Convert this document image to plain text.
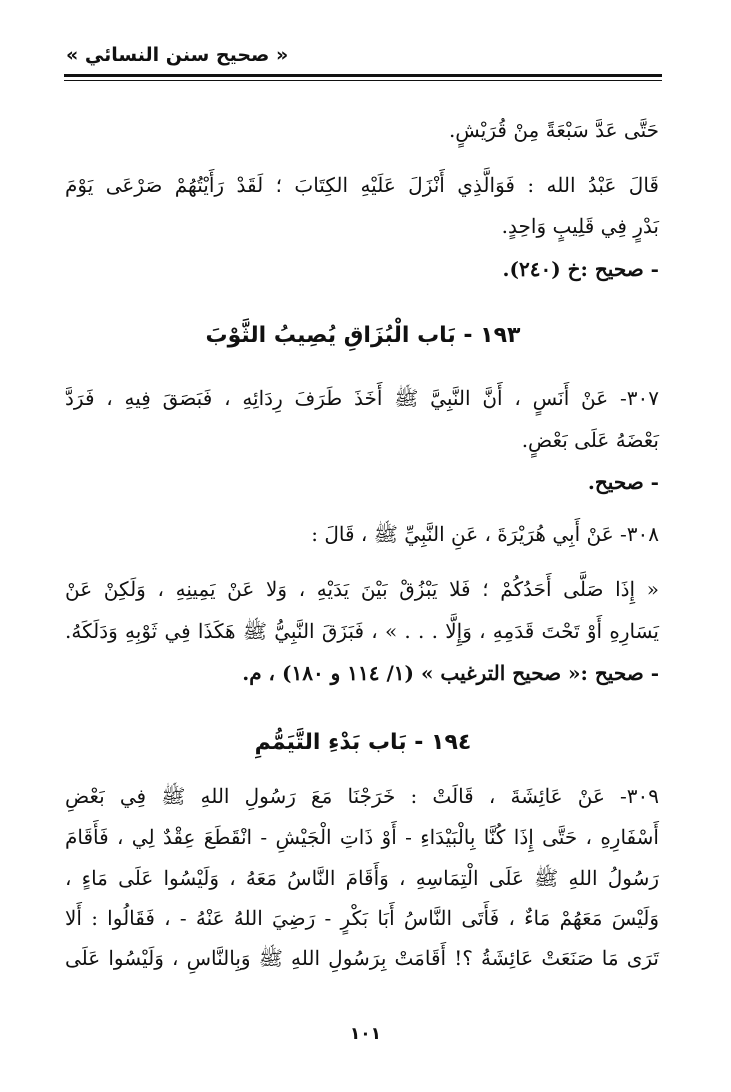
« صحيح سنن النسائي »
حَتَّى عَدَّ سَبْعَةً مِنْ قُرَيْشٍ.
قَالَ عَبْدُ الله : فَوَالَّذِي أَنْزَلَ عَلَيْهِ الكِتَابَ ؛ لَقَدْ رَأَيْتُهُمْ صَرْعَى يَوْمَ
بَدْرٍ فِي قَلِيبٍ وَاحِدٍ.
- صحيح :خ (٢٤٠).
١٩٣ - بَاب الْبُزَاقِ يُصِيبُ الثَّوْبَ
٣٠٧- عَنْ أَنَسٍ ، أَنَّ النَّبِيَّ ﷺ أَخَذَ طَرَفَ رِدَائِهِ ، فَبَصَقَ فِيهِ ، فَرَدَّ
بَعْضَهُ عَلَى بَعْضٍ.
- صحيح.
٣٠٨- عَنْ أَبِي هُرَيْرَةَ ، عَنِ النَّبِيِّ ﷺ ، قَالَ :
« إِذَا صَلَّى أَحَدُكُمْ ؛ فَلا يَبْزُقْ بَيْنَ يَدَيْهِ ، وَلا عَنْ يَمِينِهِ ، وَلَكِنْ عَنْ
يَسَارِهِ أَوْ تَحْتَ قَدَمِهِ ، وَإِلَّا . . . » ، فَبَزَقَ النَّبِيُّ ﷺ هَكَذَا فِي ثَوْبِهِ وَدَلَكَهُ.
- صحيح :« صحيح الترغيب » (١/ ١١٤ و ١٨٠) ، م.
١٩٤ - بَاب بَدْءِ التَّيَمُّمِ
٣٠٩- عَنْ عَائِشَةَ ، قَالَتْ : خَرَجْنَا مَعَ رَسُولِ اللهِ ﷺ فِي بَعْضِ
أَسْفَارِهِ ، حَتَّى إِذَا كُنَّا بِالْبَيْدَاءِ - أَوْ ذَاتِ الْجَيْشِ - انْقَطَعَ عِقْدٌ لِي ، فَأَقَامَ
رَسُولُ اللهِ ﷺ عَلَى الْتِمَاسِهِ ، وَأَقَامَ النَّاسُ مَعَهُ ، وَلَيْسُوا عَلَى مَاءٍ ،
وَلَيْسَ مَعَهُمْ مَاءٌ ، فَأَتَى النَّاسُ أَبَا بَكْرٍ - رَضِيَ اللهُ عَنْهُ - ، فَقَالُوا : أَلا
تَرَى مَا صَنَعَتْ عَائِشَةُ ؟! أَقَامَتْ بِرَسُولِ اللهِ ﷺ وَبِالنَّاسِ ، وَلَيْسُوا عَلَى
١٠١
